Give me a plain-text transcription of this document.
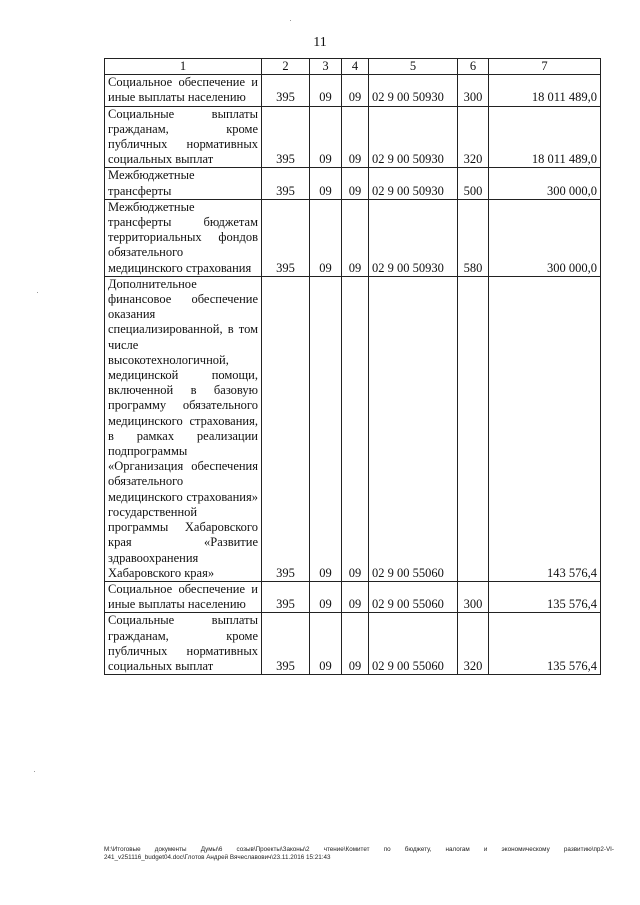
11
1	2	3	4	5	6	7
Социальное обеспечение и иные выплаты населению	395	09	09	02 9 00 50930	300	18 011 489,0
Социальные выплаты гражданам, кроме публичных нормативных социальных выплат	395	09	09	02 9 00 50930	320	18 011 489,0
Межбюджетные трансферты	395	09	09	02 9 00 50930	500	300 000,0
Межбюджетные трансферты бюджетам территориальных фондов обязательного медицинского страхования	395	09	09	02 9 00 50930	580	300 000,0
Дополнительное финансовое обеспечение оказания специализированной, в том числе высокотехнологичной, медицинской помощи, включенной в базовую программу обязательного медицинского страхования, в рамках реализации подпрограммы «Организация обеспечения обязательного медицинского страхования» государственной программы Хабаровского края «Развитие здравоохранения Хабаровского края»	395	09	09	02 9 00 55060		143 576,4
Социальное обеспечение и иные выплаты населению	395	09	09	02 9 00 55060	300	135 576,4
Социальные выплаты гражданам, кроме публичных нормативных социальных выплат	395	09	09	02 9 00 55060	320	135 576,4
M:\Итоговые документы Думы\6 созыв\Проекты\Законы\2 чтение\Комитет по бюджету, налогам и экономическому развитию\пр2-VI-
241_v251116_budget04.doc\Глотов Андрей Вячеславович\23.11.2016 15:21:43
